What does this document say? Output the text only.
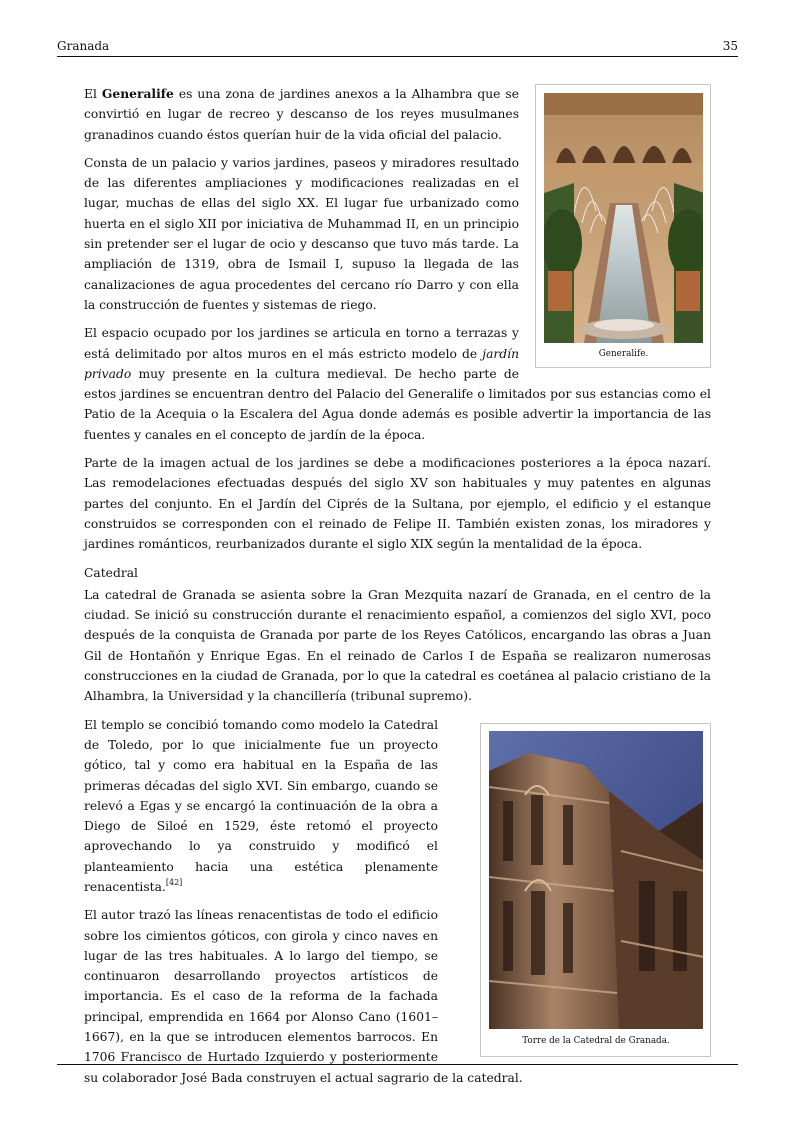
Granada	35
Generalife.

El Generalife es una zona de jardines anexos a la Alhambra que se convirtió en lugar de recreo y descanso de los reyes musulmanes granadinos cuando éstos querían huir de la vida oficial del palacio.

Consta de un palacio y varios jardines, paseos y miradores resultado de las diferentes ampliaciones y modificaciones realizadas en el lugar, muchas de ellas del siglo XX. El lugar fue urbanizado como huerta en el siglo XII por iniciativa de Muhammad II, en un principio sin pretender ser el lugar de ocio y descanso que tuvo más tarde. La ampliación de 1319, obra de Ismail I, supuso la llegada de las canalizaciones de agua procedentes del cercano río Darro y con ella la construcción de fuentes y sistemas de riego.

El espacio ocupado por los jardines se articula en torno a terrazas y está delimitado por altos muros en el más estricto modelo de jardín privado muy presente en la cultura medieval. De hecho parte de estos jardines se encuentran dentro del Palacio del Generalife o limitados por sus estancias como el Patio de la Acequia o la Escalera del Agua donde además es posible advertir la importancia de las fuentes y canales en el concepto de jardín de la época.

Parte de la imagen actual de los jardines se debe a modificaciones posteriores a la época nazarí. Las remodelaciones efectuadas después del siglo XV son habituales y muy patentes en algunas partes del conjunto. En el Jardín del Ciprés de la Sultana, por ejemplo, el edificio y el estanque construidos se corresponden con el reinado de Felipe II. También existen zonas, los miradores y jardines románticos, reurbanizados durante el siglo XIX según la mentalidad de la época.

Catedral

La catedral de Granada se asienta sobre la Gran Mezquita nazarí de Granada, en el centro de la ciudad. Se inició su construcción durante el renacimiento español, a comienzos del siglo XVI, poco después de la conquista de Granada por parte de los Reyes Católicos, encargando las obras a Juan Gil de Hontañón y Enrique Egas. En el reinado de Carlos I de España se realizaron numerosas construcciones en la ciudad de Granada, por lo que la catedral es coetánea al palacio cristiano de la Alhambra, la Universidad y la chancillería (tribunal supremo).

Torre de la Catedral de Granada.

El templo se concibió tomando como modelo la Catedral de Toledo, por lo que inicialmente fue un proyecto gótico, tal y como era habitual en la España de las primeras décadas del siglo XVI. Sin embargo, cuando se relevó a Egas y se encargó la continuación de la obra a Diego de Siloé en 1529, éste retomó el proyecto aprovechando lo ya construido y modificó el planteamiento hacia una estética plenamente renacentista.[42]

El autor trazó las líneas renacentistas de todo el edificio sobre los cimientos góticos, con girola y cinco naves en lugar de las tres habituales. A lo largo del tiempo, se continuaron desarrollando proyectos artísticos de importancia. Es el caso de la reforma de la fachada principal, emprendida en 1664 por Alonso Cano (1601–1667), en la que se introducen elementos barrocos. En 1706 Francisco de Hurtado Izquierdo y posteriormente su colaborador José Bada construyen el actual sagrario de la catedral.
